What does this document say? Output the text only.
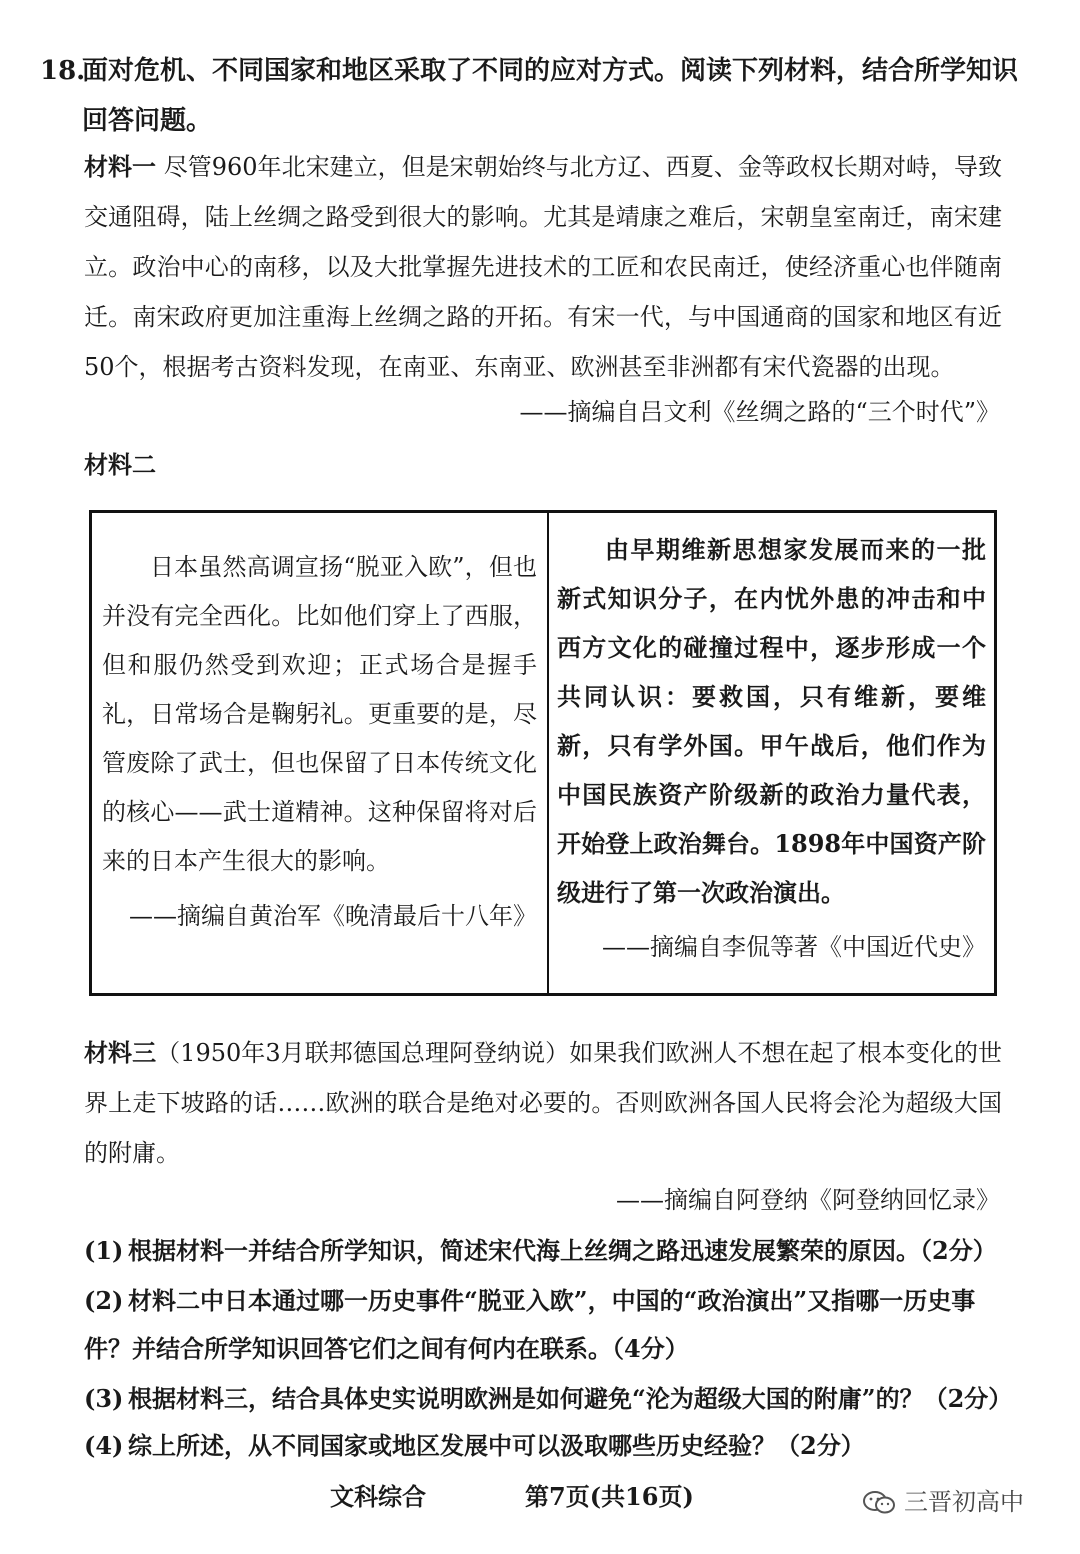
18.
面对危机、不同国家和地区采取了不同的应对方式。阅读下列材料，结合所学知识回答问题。
材料一 尽管960年北宋建立，但是宋朝始终与北方辽、西夏、金等政权长期对峙，导致交通阻碍，陆上丝绸之路受到很大的影响。尤其是靖康之难后，宋朝皇室南迁，南宋建立。政治中心的南移，以及大批掌握先进技术的工匠和农民南迁，使经济重心也伴随南迁。南宋政府更加注重海上丝绸之路的开拓。有宋一代，与中国通商的国家和地区有近50个，根据考古资料发现，在南亚、东南亚、欧洲甚至非洲都有宋代瓷器的出现。
——摘编自吕文利《丝绸之路的“三个时代”》
材料二
日本虽然高调宣扬“脱亚入欧”，但也并没有完全西化。比如他们穿上了西服，但和服仍然受到欢迎；正式场合是握手礼，日常场合是鞠躬礼。更重要的是，尽管废除了武士，但也保留了日本传统文化的核心——武士道精神。这种保留将对后来的日本产生很大的影响。
——摘编自黄治军《晚清最后十八年》
由早期维新思想家发展而来的一批新式知识分子，在内忧外患的冲击和中西方文化的碰撞过程中，逐步形成一个共同认识：要救国，只有维新，要维新，只有学外国。甲午战后，他们作为中国民族资产阶级新的政治力量代表，开始登上政治舞台。1898年中国资产阶级进行了第一次政治演出。
——摘编自李侃等著《中国近代史》
材料三（1950年3月联邦德国总理阿登纳说）如果我们欧洲人不想在起了根本变化的世界上走下坡路的话……欧洲的联合是绝对必要的。否则欧洲各国人民将会沦为超级大国的附庸。
——摘编自阿登纳《阿登纳回忆录》
(1) 根据材料一并结合所学知识，简述宋代海上丝绸之路迅速发展繁荣的原因。（2分）
(2) 材料二中日本通过哪一历史事件“脱亚入欧”，中国的“政治演出”又指哪一历史事件？并结合所学知识回答它们之间有何内在联系。（4分）
(3) 根据材料三，结合具体史实说明欧洲是如何避免“沦为超级大国的附庸”的？（2分）
(4) 综上所述，从不同国家或地区发展中可以汲取哪些历史经验？（2分）
文科综合	第7页(共16页)	三晋初高中
